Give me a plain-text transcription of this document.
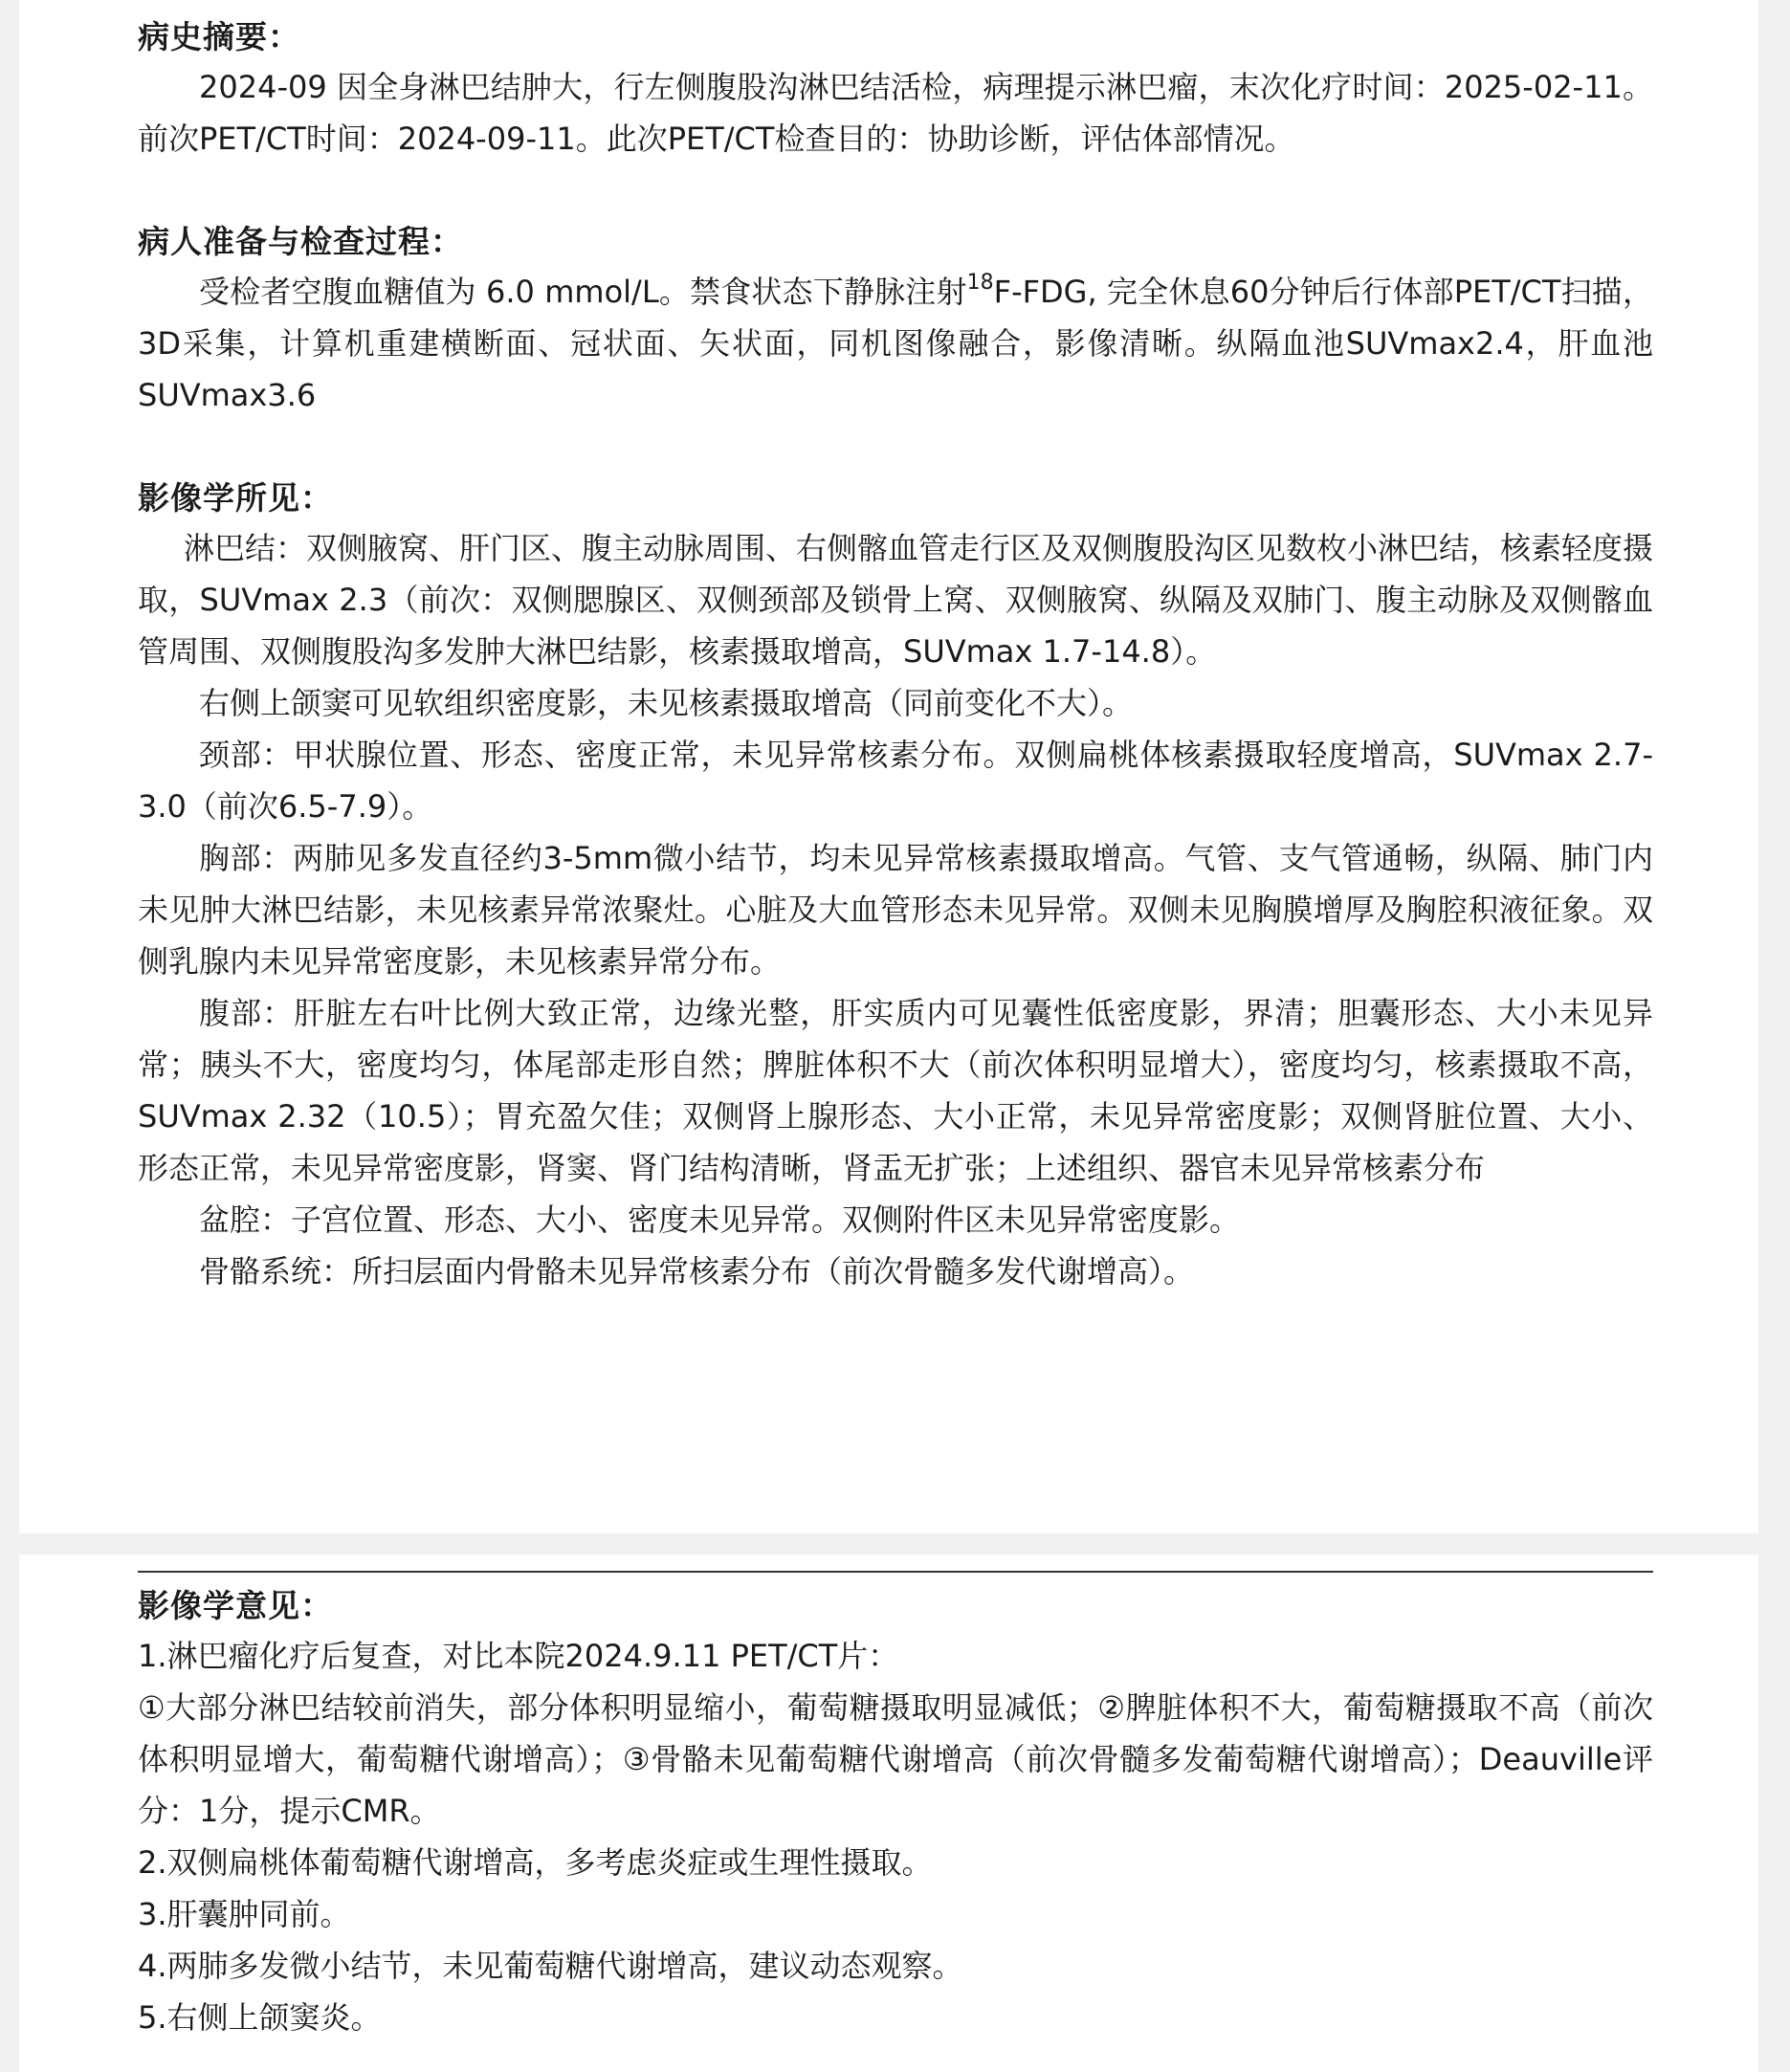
病史摘要：

2024-09 因全身淋巴结肿大，行左侧腹股沟淋巴结活检，病理提示淋巴瘤，末次化疗时间：2025-02-11。前次PET/CT时间：2024-09-11。此次PET/CT检查目的：协助诊断，评估体部情况。

病人准备与检查过程：

受检者空腹血糖值为 6.0 mmol/L。禁食状态下静脉注射$^{18}$F-FDG, 完全休息60分钟后行体部PET/CT扫描，3D采集，计算机重建横断面、冠状面、矢状面，同机图像融合，影像清晰。纵隔血池SUVmax2.4，肝血池SUVmax3.6

影像学所见：

淋巴结：双侧腋窝、肝门区、腹主动脉周围、右侧髂血管走行区及双侧腹股沟区见数枚小淋巴结，核素轻度摄取，SUVmax 2.3（前次：双侧腮腺区、双侧颈部及锁骨上窝、双侧腋窝、纵隔及双肺门、腹主动脉及双侧髂血管周围、双侧腹股沟多发肿大淋巴结影，核素摄取增高，SUVmax 1.7-14.8）。

右侧上颌窦可见软组织密度影，未见核素摄取增高（同前变化不大）。

颈部：甲状腺位置、形态、密度正常，未见异常核素分布。双侧扁桃体核素摄取轻度增高，SUVmax 2.7-3.0（前次6.5-7.9）。

胸部：两肺见多发直径约3-5mm微小结节，均未见异常核素摄取增高。气管、支气管通畅，纵隔、肺门内未见肿大淋巴结影，未见核素异常浓聚灶。心脏及大血管形态未见异常。双侧未见胸膜增厚及胸腔积液征象。双侧乳腺内未见异常密度影，未见核素异常分布。

腹部：肝脏左右叶比例大致正常，边缘光整，肝实质内可见囊性低密度影，界清；胆囊形态、大小未见异常；胰头不大，密度均匀，体尾部走形自然；脾脏体积不大（前次体积明显增大），密度均匀，核素摄取不高，SUVmax 2.32（10.5）；胃充盈欠佳；双侧肾上腺形态、大小正常，未见异常密度影；双侧肾脏位置、大小、形态正常，未见异常密度影，肾窦、肾门结构清晰，肾盂无扩张；上述组织、器官未见异常核素分布

盆腔：子宫位置、形态、大小、密度未见异常。双侧附件区未见异常密度影。

骨骼系统：所扫层面内骨骼未见异常核素分布（前次骨髓多发代谢增高）。

影像学意见：

1.淋巴瘤化疗后复查，对比本院2024.9.11 PET/CT片：

①大部分淋巴结较前消失，部分体积明显缩小，葡萄糖摄取明显减低；②脾脏体积不大，葡萄糖摄取不高（前次体积明显增大，葡萄糖代谢增高）；③骨骼未见葡萄糖代谢增高（前次骨髓多发葡萄糖代谢增高）；Deauville评分：1分，提示CMR。

2.双侧扁桃体葡萄糖代谢增高，多考虑炎症或生理性摄取。

3.肝囊肿同前。

4.两肺多发微小结节，未见葡萄糖代谢增高，建议动态观察。

5.右侧上颌窦炎。
